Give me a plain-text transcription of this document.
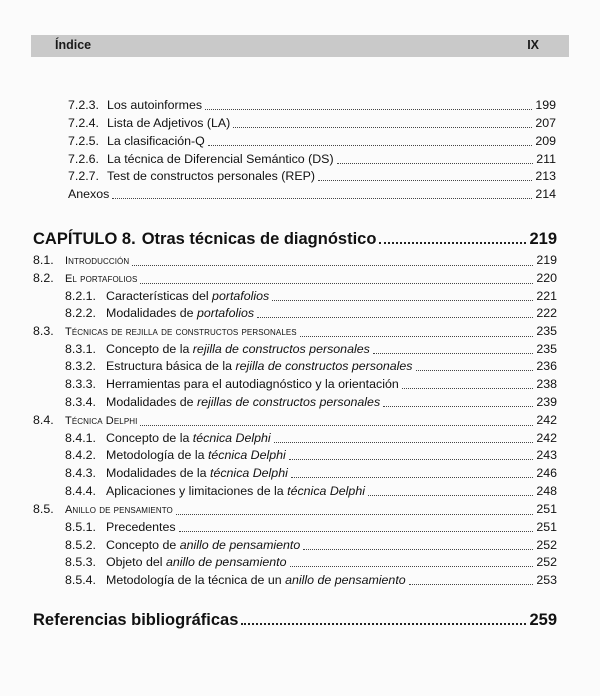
Índice	IX
7.2.3. Los autoinformes	199
7.2.4. Lista de Adjetivos (LA)	207
7.2.5. La clasificación-Q	209
7.2.6. La técnica de Diferencial Semántico (DS)	211
7.2.7. Test de constructos personales (REP)	213
Anexos	214
CAPÍTULO 8. Otras técnicas de diagnóstico	219
8.1.	Introducción	219
8.2.	El portafolios	220
8.2.1. Características del portafolios	221
8.2.2. Modalidades de portafolios	222
8.3.	Técnicas de rejilla de constructos personales	235
8.3.1. Concepto de la rejilla de constructos personales	235
8.3.2. Estructura básica de la rejilla de constructos personales	236
8.3.3. Herramientas para el autodiagnóstico y la orientación	238
8.3.4. Modalidades de rejillas de constructos personales	239
8.4.	Técnica Delphi	242
8.4.1. Concepto de la técnica Delphi	242
8.4.2. Metodología de la técnica Delphi	243
8.4.3. Modalidades de la técnica Delphi	246
8.4.4. Aplicaciones y limitaciones de la técnica Delphi	248
8.5.	Anillo de pensamiento	251
8.5.1. Precedentes	251
8.5.2. Concepto de anillo de pensamiento	252
8.5.3. Objeto del anillo de pensamiento	252
8.5.4. Metodología de la técnica de un anillo de pensamiento	253
Referencias bibliográficas	259
